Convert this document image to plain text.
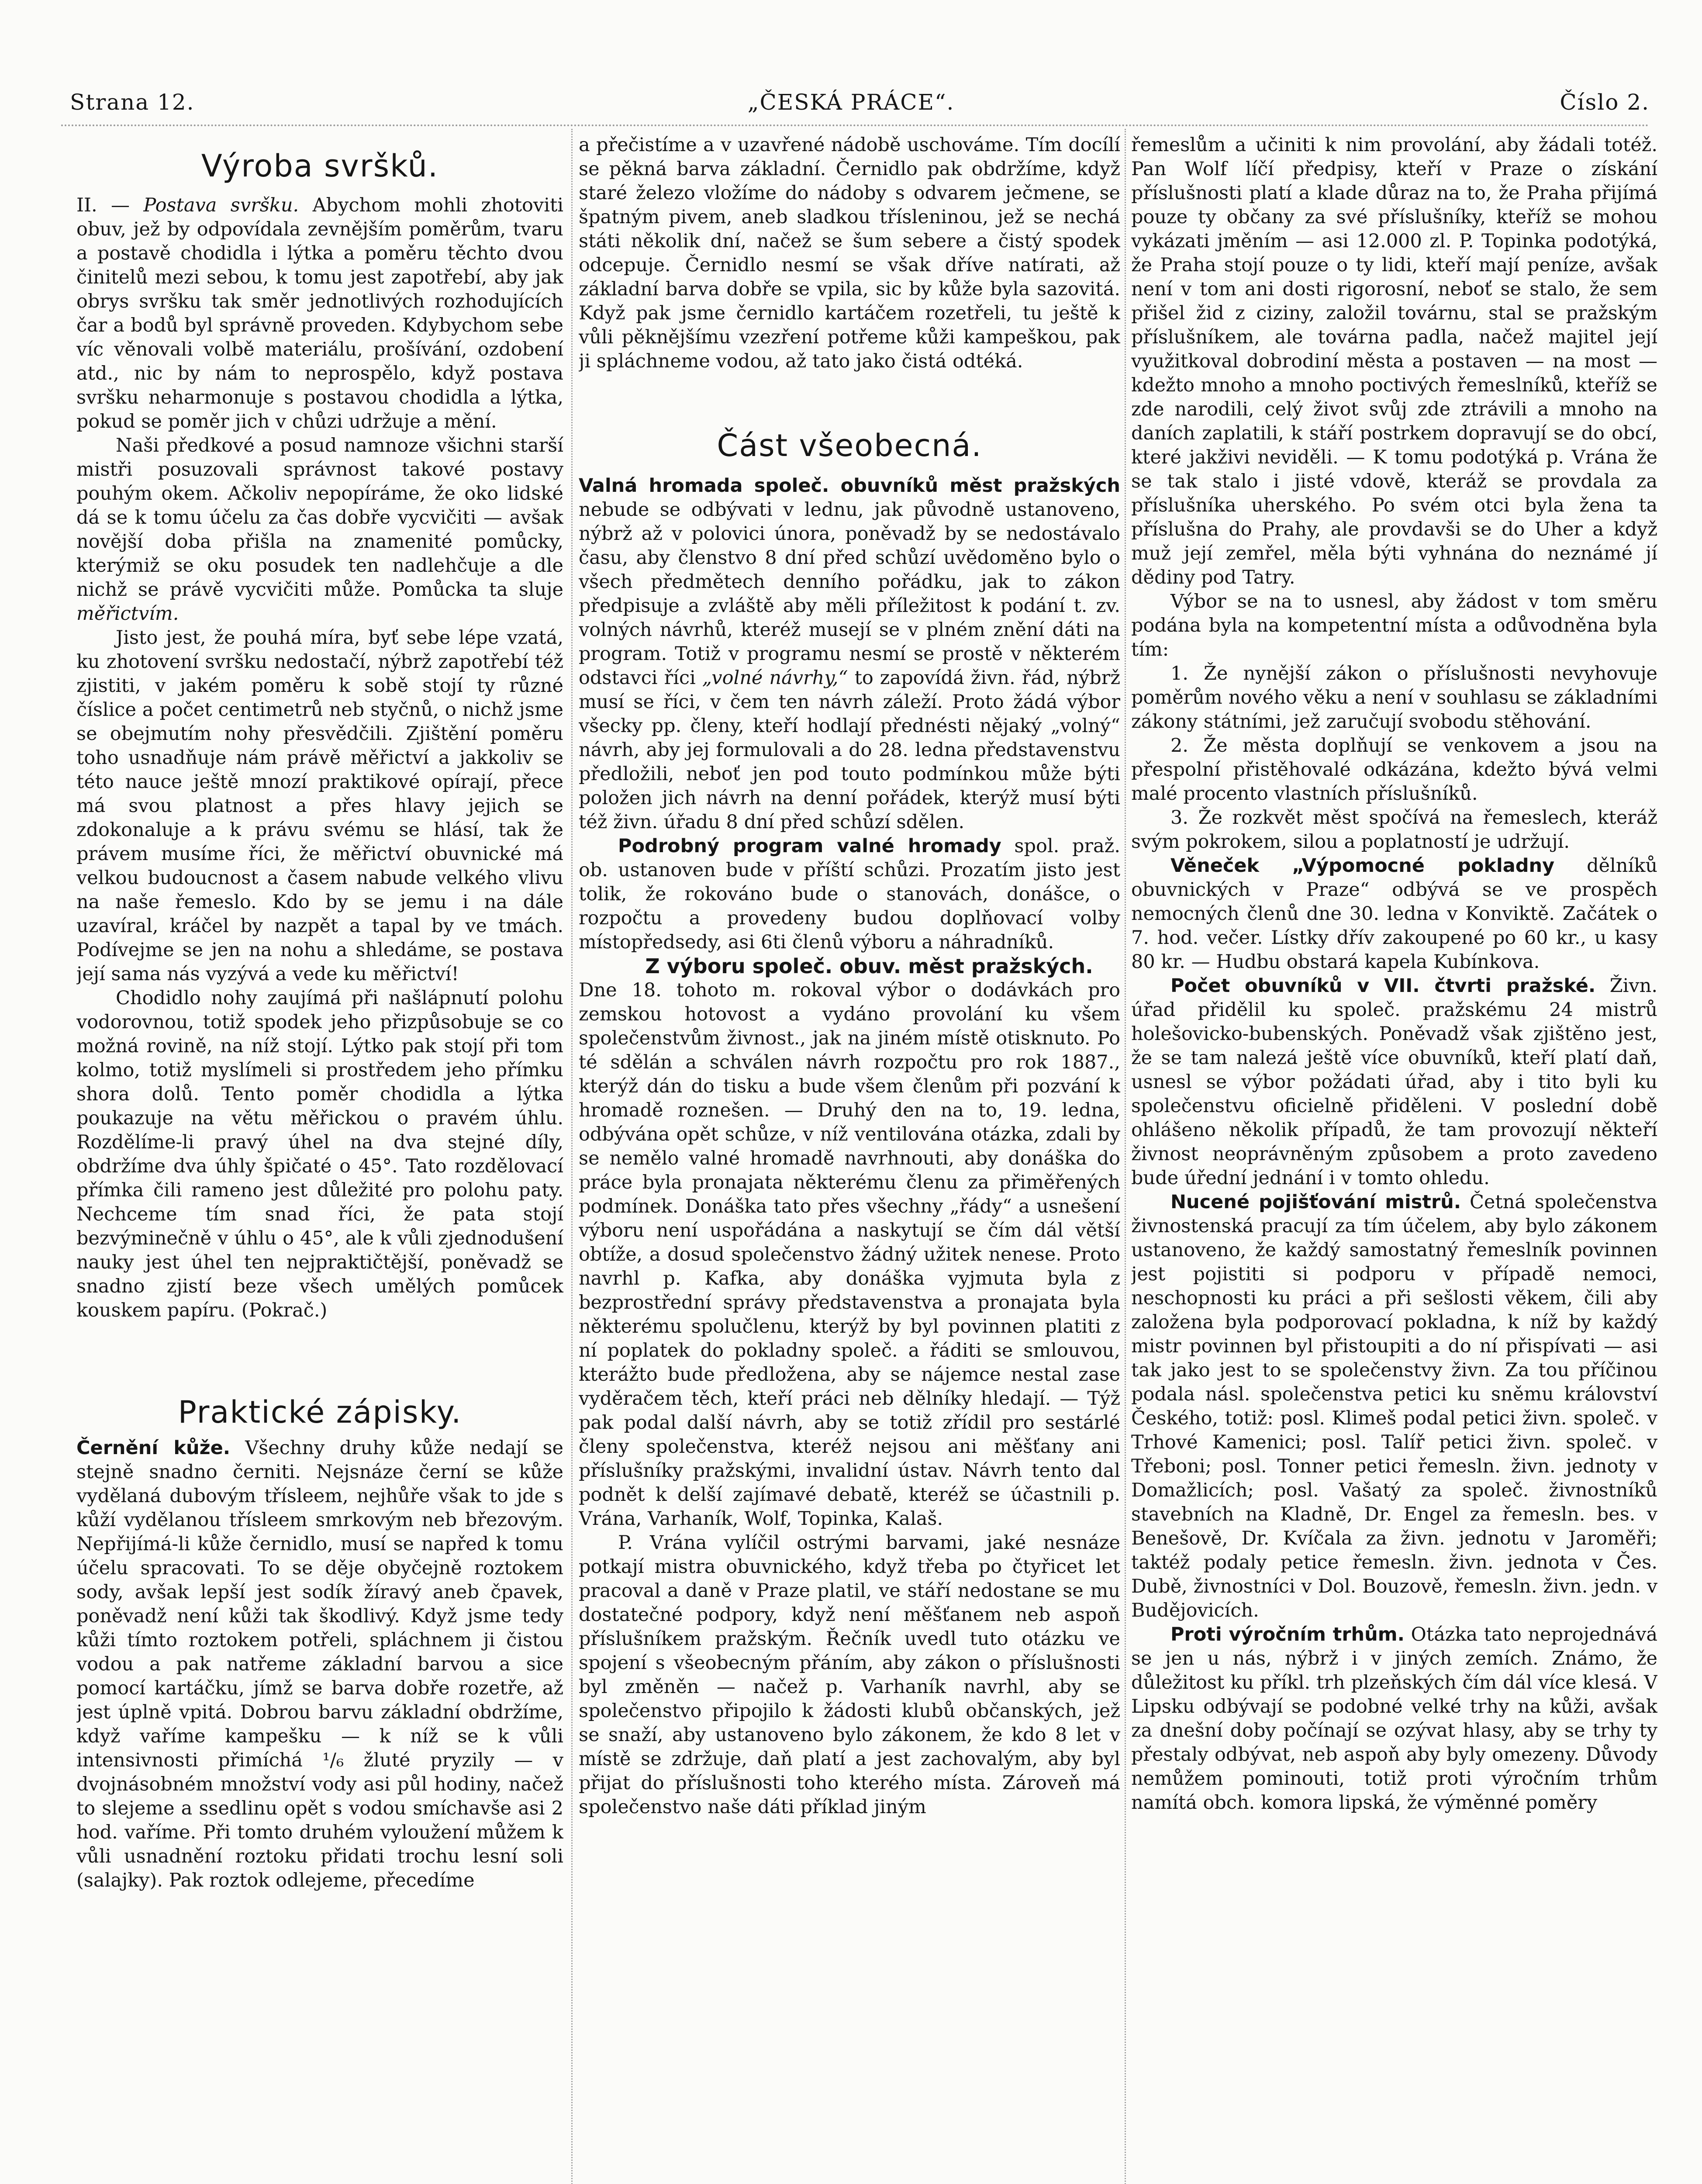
„ČESKÁ PRÁCE“.
Strana 12.	Číslo 2.
Výroba svršků.

II. — Postava svršku. Abychom mohli zhotoviti obuv, jež by odpovídala zevnějším poměrům, tvaru a postavě chodidla i lýtka a poměru těchto dvou činitelů mezi sebou, k tomu jest zapotřebí, aby jak obrys svršku tak směr jednotlivých rozhodujících čar a bodů byl správně proveden. Kdybychom sebe víc věnovali volbě materiálu, prošívání, ozdobení atd., nic by nám to neprospělo, když postava svršku neharmonuje s postavou chodidla a lýtka, pokud se poměr jich v chůzi udržuje a mění.

Naši předkové a posud namnoze všichni starší mistři posuzovali správnost takové postavy pouhým okem. Ačkoliv nepopíráme, že oko lidské dá se k tomu účelu za čas dobře vycvičiti — avšak novější doba přišla na znamenité pomůcky, kterýmiž se oku posudek ten nadlehčuje a dle nichž se právě vycvičiti může. Pomůcka ta sluje měřictvím.

Jisto jest, že pouhá míra, byť sebe lépe vzatá, ku zhotovení svršku nedostačí, nýbrž zapotřebí též zjistiti, v jakém poměru k sobě stojí ty různé číslice a počet centimetrů neb styčnů, o nichž jsme se obejmutím nohy přesvědčili. Zjištění poměru toho usnadňuje nám právě měřictví a jakkoliv se této nauce ještě mnozí praktikové opírají, přece má svou platnost a přes hlavy jejich se zdokonaluje a k právu svému se hlásí, tak že právem musíme říci, že měřictví obuvnické má velkou budoucnost a časem nabude velkého vlivu na naše řemeslo. Kdo by se jemu i na dále uzavíral, kráčel by nazpět a tapal by ve tmách. Podívejme se jen na nohu a shledáme, se postava její sama nás vyzývá a vede ku měřictví!

Chodidlo nohy zaujímá při našlápnutí polohu vodorovnou, totiž spodek jeho přizpůsobuje se co možná rovině, na níž stojí. Lýtko pak stojí při tom kolmo, totiž myslímeli si prostředem jeho přímku shora dolů. Tento poměr chodidla a lýtka poukazuje na větu měřickou o pravém úhlu. Rozdělíme-li pravý úhel na dva stejné díly, obdržíme dva úhly špičaté o 45°. Tato rozdělovací přímka čili rameno jest důležité pro polohu paty. Nechceme tím snad říci, že pata stojí bezvýminečně v úhlu o 45°, ale k vůli zjednodušení nauky jest úhel ten nejpraktičtější, poněvadž se snadno zjistí beze všech umělých pomůcek kouskem papíru. (Pokrač.)

Praktické zápisky.

Černění kůže. Všechny druhy kůže nedají se stejně snadno černiti. Nejsnáze černí se kůže vydělaná dubovým třísleem, nejhůře však to jde s kůží vydělanou třísleem smrkovým neb březovým. Nepřijímá-li kůže černidlo, musí se napřed k tomu účelu spracovati. To se děje obyčejně roztokem sody, avšak lepší jest sodík žíravý aneb čpavek, poněvadž není kůži tak škodlivý. Když jsme tedy kůži tímto roztokem potřeli, spláchnem ji čistou vodou a pak natřeme základní barvou a sice pomocí kartáčku, jímž se barva dobře rozetře, až jest úplně vpitá. Dobrou barvu základní obdržíme, když vaříme kampešku — k níž se k vůli intensivnosti přimíchá ¹/₆ žluté pryzily — v dvojnásobném množství vody asi půl hodiny, načež to slejeme a ssedlinu opět s vodou smíchavše asi 2 hod. vaříme. Při tomto druhém vyloužení můžem k vůli usnadnění roztoku přidati trochu lesní soli (salajky). Pak roztok odlejeme, přecedíme

a přečistíme a v uzavřené nádobě uschováme. Tím docílí se pěkná barva základní. Černidlo pak obdržíme, když staré železo vložíme do nádoby s odvarem ječmene, se špatným pivem, aneb sladkou třísleninou, jež se nechá státi několik dní, načež se šum sebere a čistý spodek odcepuje. Černidlo nesmí se však dříve natírati, až základní barva dobře se vpila, sic by kůže byla sazovitá. Když pak jsme černidlo kartáčem rozetřeli, tu ještě k vůli pěknějšímu vzezření potřeme kůži kampeškou, pak ji spláchneme vodou, až tato jako čistá odtéká.

Část všeobecná.

Valná hromada společ. obuvníků měst pražských nebude se odbývati v lednu, jak původně ustanoveno, nýbrž až v polovici února, poněvadž by se nedostávalo času, aby členstvo 8 dní před schůzí uvědoměno bylo o všech předmětech denního pořádku, jak to zákon předpisuje a zvláště aby měli příležitost k podání t. zv. volných návrhů, kteréž musejí se v plném znění dáti na program. Totiž v programu nesmí se prostě v některém odstavci říci „volné návrhy,“ to zapovídá živn. řád, nýbrž musí se říci, v čem ten návrh záleží. Proto žádá výbor všecky pp. členy, kteří hodlají přednésti nějaký „volný“ návrh, aby jej formulovali a do 28. ledna představenstvu předložili, neboť jen pod touto podmínkou může býti položen jich návrh na denní pořádek, kterýž musí býti též živn. úřadu 8 dní před schůzí sdělen.

Podrobný program valné hromady spol. praž. ob. ustanoven bude v příští schůzi. Prozatím jisto jest tolik, že rokováno bude o stanovách, donášce, o rozpočtu a provedeny budou doplňovací volby místopředsedy, asi 6ti členů výboru a náhradníků.

Z výboru společ. obuv. měst pražských.
Dne 18. tohoto m. rokoval výbor o dodávkách pro zemskou hotovost a vydáno provolání ku všem společenstvům živnost., jak na jiném místě otisknuto. Po té sdělán a schválen návrh rozpočtu pro rok 1887., kterýž dán do tisku a bude všem členům při pozvání k hromadě roznešen. — Druhý den na to, 19. ledna, odbývána opět schůze, v níž ventilována otázka, zdali by se nemělo valné hromadě navrhnouti, aby donáška do práce byla pronajata některému členu za přiměřených podmínek. Donáška tato přes všechny „řády“ a usnešení výboru není uspořádána a naskytují se čím dál větší obtíže, a dosud společenstvo žádný užitek nenese. Proto navrhl p. Kafka, aby donáška vyjmuta byla z bezprostřední správy představenstva a pronajata byla některému spolučlenu, kterýž by byl povinnen platiti z ní poplatek do pokladny společ. a řáditi se smlouvou, kterážto bude předložena, aby se nájemce nestal zase vyděračem těch, kteří práci neb dělníky hledají. — Týž pak podal další návrh, aby se totiž zřídil pro sestárlé členy společenstva, kteréž nejsou ani měšťany ani příslušníky pražskými, invalidní ústav. Návrh tento dal podnět k delší zajímavé debatě, kteréž se účastnili p. Vrána, Varhaník, Wolf, Topinka, Kalaš.

P. Vrána vylíčil ostrými barvami, jaké nesnáze potkají mistra obuvnického, když třeba po čtyřicet let pracoval a daně v Praze platil, ve stáří nedostane se mu dostatečné podpory, když není měšťanem neb aspoň příslušníkem pražským. Řečník uvedl tuto otázku ve spojení s všeobecným přáním, aby zákon o příslušnosti byl změněn — načež p. Varhaník navrhl, aby se společenstvo připojilo k žádosti klubů občanských, jež se snaží, aby ustanoveno bylo zákonem, že kdo 8 let v místě se zdržuje, daň platí a jest zachovalým, aby byl přijat do příslušnosti toho kterého místa. Zároveň má společenstvo naše dáti příklad jiným

řemeslům a učiniti k nim provolání, aby žádali totéž. Pan Wolf líčí předpisy, kteří v Praze o získání příslušnosti platí a klade důraz na to, že Praha přijímá pouze ty občany za své příslušníky, kteříž se mohou vykázati jměním — asi 12.000 zl. P. Topinka podotýká, že Praha stojí pouze o ty lidi, kteří mají peníze, avšak není v tom ani dosti rigorosní, neboť se stalo, že sem přišel žid z ciziny, založil továrnu, stal se pražským příslušníkem, ale továrna padla, načež majitel její využitkoval dobrodiní města a postaven — na most — kdežto mnoho a mnoho poctivých řemeslníků, kteříž se zde narodili, celý život svůj zde ztrávili a mnoho na daních zaplatili, k stáří postrkem dopravují se do obcí, které jakživi neviděli. — K tomu podotýká p. Vrána že se tak stalo i jisté vdově, kteráž se provdala za příslušníka uherského. Po svém otci byla žena ta příslušna do Prahy, ale provdavši se do Uher a když muž její zemřel, měla býti vyhnána do neznámé jí dědiny pod Tatry.

Výbor se na to usnesl, aby žádost v tom směru podána byla na kompetentní místa a odůvodněna byla tím:

1. Že nynější zákon o příslušnosti nevyhovuje poměrům nového věku a není v souhlasu se základními zákony státními, jež zaručují svobodu stěhování.

2. Že města doplňují se venkovem a jsou na přespolní přistěhovalé odkázána, kdežto bývá velmi malé procento vlastních příslušníků.

3. Že rozkvět měst spočívá na řemeslech, kteráž svým pokrokem, silou a poplatností je udržují.

Věneček „Výpomocné pokladny dělníků obuvnických v Praze“ odbývá se ve prospěch nemocných členů dne 30. ledna v Konviktě. Začátek o 7. hod. večer. Lístky dřív zakoupené po 60 kr., u kasy 80 kr. — Hudbu obstará kapela Kubínkova.

Počet obuvníků v VII. čtvrti pražské. Živn. úřad přidělil ku společ. pražskému 24 mistrů holešovicko-bubenských. Poněvadž však zjištěno jest, že se tam nalezá ještě více obuvníků, kteří platí daň, usnesl se výbor požádati úřad, aby i tito byli ku společenstvu oficielně přiděleni. V poslední době ohlášeno několik případů, že tam provozují někteří živnost neoprávněným způsobem a proto zavedeno bude úřední jednání i v tomto ohledu.

Nucené pojišťování mistrů. Četná společenstva živnostenská pracují za tím účelem, aby bylo zákonem ustanoveno, že každý samostatný řemeslník povinnen jest pojistiti si podporu v případě nemoci, neschopnosti ku práci a při sešlosti věkem, čili aby založena byla podporovací pokladna, k níž by každý mistr povinnen byl přistoupiti a do ní přispívati — asi tak jako jest to se společenstvy živn. Za tou příčinou podala násl. společenstva petici ku sněmu království Českého, totiž: posl. Klimeš podal petici živn. společ. v Trhové Kamenici; posl. Talíř petici živn. společ. v Třeboni; posl. Tonner petici řemesln. živn. jednoty v Domažlicích; posl. Vašatý za společ. živnostníků stavebních na Kladně, Dr. Engel za řemesln. bes. v Benešově, Dr. Kvíčala za živn. jednotu v Jaroměři; taktéž podaly petice řemesln. živn. jednota v Čes. Dubě, živnostníci v Dol. Bouzově, řemesln. živn. jedn. v Budějovicích.

Proti výročním trhům. Otázka tato neprojednává se jen u nás, nýbrž i v jiných zemích. Známo, že důležitost ku příkl. trh plzeňských čím dál více klesá. V Lipsku odbývají se podobné velké trhy na kůži, avšak za dnešní doby počínají se ozývat hlasy, aby se trhy ty přestaly odbývat, neb aspoň aby byly omezeny. Důvody nemůžem pominouti, totiž proti výročním trhům namítá obch. komora lipská, že výměnné poměry
